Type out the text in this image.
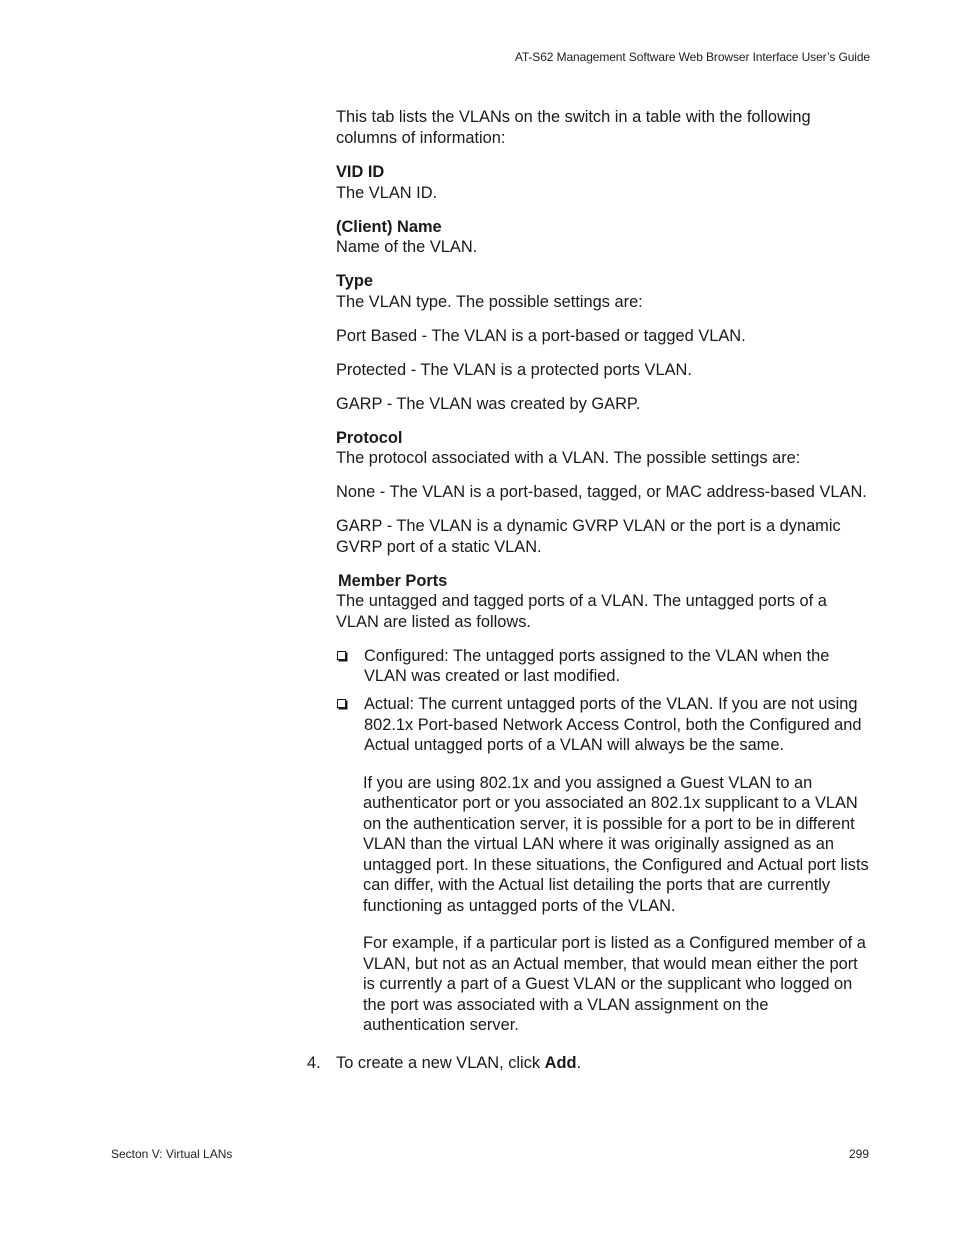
AT-S62 Management Software Web Browser Interface User’s Guide

This tab lists the VLANs on the switch in a table with the following columns of information:

VID ID

The VLAN ID.

(Client) Name

Name of the VLAN.

Type

The VLAN type. The possible settings are:

Port Based - The VLAN is a port-based or tagged VLAN.

Protected - The VLAN is a protected ports VLAN.

GARP - The VLAN was created by GARP.

Protocol

The protocol associated with a VLAN. The possible settings are:

None - The VLAN is a port-based, tagged, or MAC address-based VLAN.

GARP - The VLAN is a dynamic GVRP VLAN or the port is a dynamic GVRP port of a static VLAN.

Member Ports

The untagged and tagged ports of a VLAN. The untagged ports of a VLAN are listed as follows.

Configured: The untagged ports assigned to the VLAN when the VLAN was created or last modified.
Actual: The current untagged ports of the VLAN. If you are not using 802.1x Port-based Network Access Control, both the Configured and Actual untagged ports of a VLAN will always be the same.

If you are using 802.1x and you assigned a Guest VLAN to an authenticator port or you associated an 802.1x supplicant to a VLAN on the authentication server, it is possible for a port to be in different VLAN than the virtual LAN where it was originally assigned as an untagged port. In these situations, the Configured and Actual port lists can differ, with the Actual list detailing the ports that are currently functioning as untagged ports of the VLAN.

For example, if a particular port is listed as a Configured member of a VLAN, but not as an Actual member, that would mean either the port is currently a part of a Guest VLAN or the supplicant who logged on the port was associated with a VLAN assignment on the authentication server.

4. To create a new VLAN, click Add.

Secton V: Virtual LANs	299
